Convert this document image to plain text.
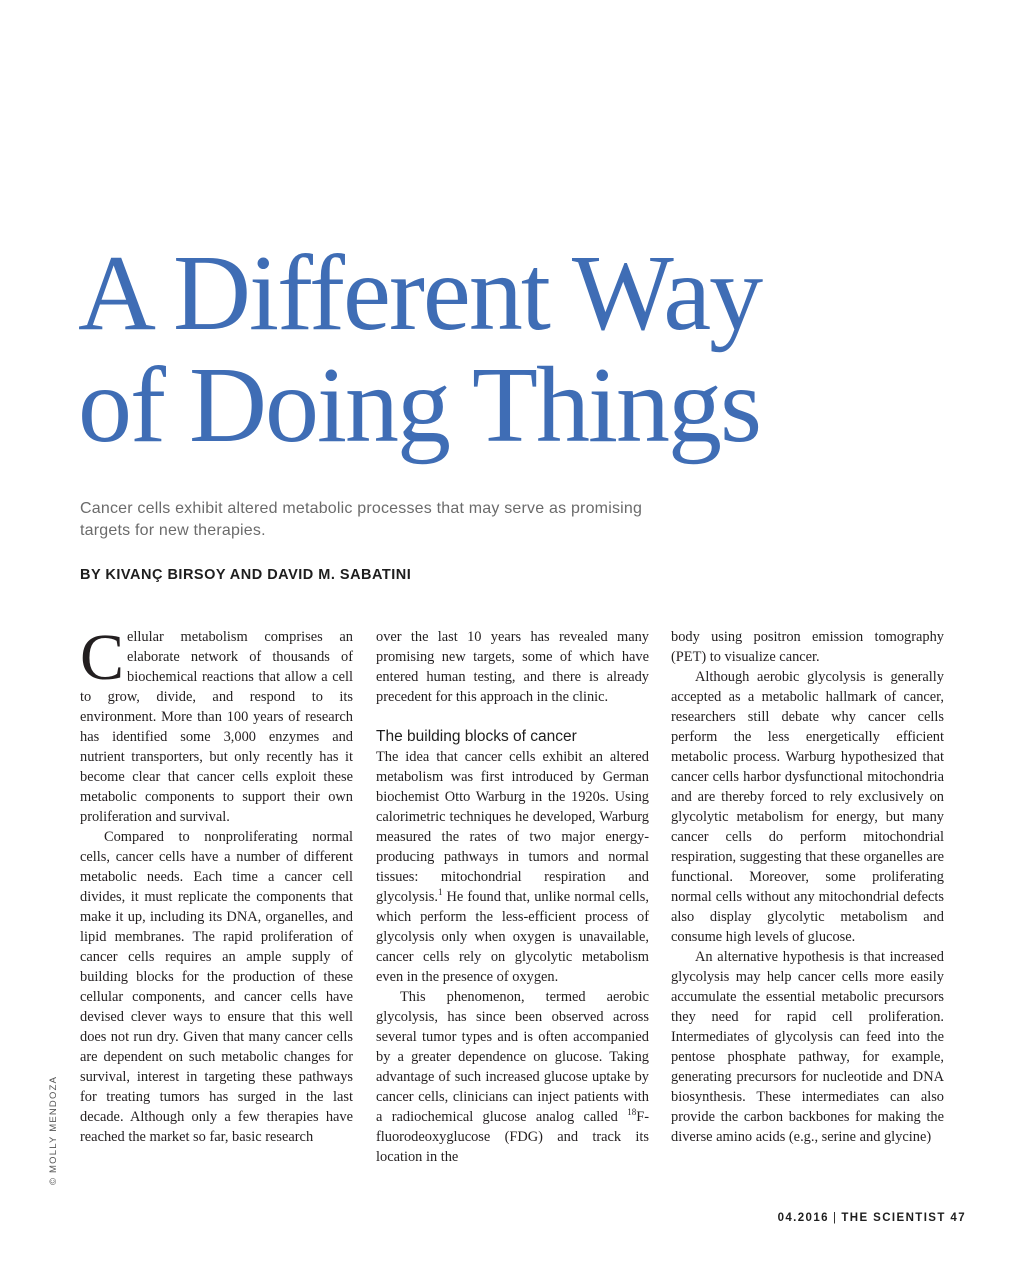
A Different Way
of Doing Things
Cancer cells exhibit altered metabolic processes that may serve as promising targets for new therapies.
BY KIVANÇ BIRSOY AND DAVID M. SABATINI

Cellular metabolism comprises an elaborate network of thousands of biochemical reactions that allow a cell to grow, divide, and respond to its environment. More than 100 years of research has identified some 3,000 enzymes and nutrient transporters, but only recently has it become clear that cancer cells exploit these metabolic components to support their own proliferation and survival.

Compared to nonproliferating normal cells, cancer cells have a number of different metabolic needs. Each time a cancer cell divides, it must replicate the components that make it up, including its DNA, organelles, and lipid membranes. The rapid proliferation of cancer cells requires an ample supply of building blocks for the production of these cellular components, and cancer cells have devised clever ways to ensure that this well does not run dry. Given that many cancer cells are dependent on such metabolic changes for survival, interest in targeting these pathways for treating tumors has surged in the last decade. Although only a few therapies have reached the market so far, basic research

over the last 10 years has revealed many promising new targets, some of which have entered human testing, and there is already precedent for this approach in the clinic.

The building blocks of cancer

The idea that cancer cells exhibit an altered metabolism was first introduced by German biochemist Otto Warburg in the 1920s. Using calorimetric techniques he developed, Warburg measured the rates of two major energy-producing pathways in tumors and normal tissues: mitochondrial respiration and glycolysis.$^1$ He found that, unlike normal cells, which perform the less-efficient process of glycolysis only when oxygen is unavailable, cancer cells rely on glycolytic metabolism even in the presence of oxygen.

This phenomenon, termed aerobic glycolysis, has since been observed across several tumor types and is often accompanied by a greater dependence on glucose. Taking advantage of such increased glucose uptake by cancer cells, clinicians can inject patients with a radiochemical glucose analog called $^{18}$F-fluorodeoxyglucose (FDG) and track its location in the

body using positron emission tomography (PET) to visualize cancer.

Although aerobic glycolysis is generally accepted as a metabolic hallmark of cancer, researchers still debate why cancer cells perform the less energetically efficient metabolic process. Warburg hypothesized that cancer cells harbor dysfunctional mitochondria and are thereby forced to rely exclusively on glycolytic metabolism for energy, but many cancer cells do perform mitochondrial respiration, suggesting that these organelles are functional. Moreover, some proliferating normal cells without any mitochondrial defects also display glycolytic metabolism and consume high levels of glucose.

An alternative hypothesis is that increased glycolysis may help cancer cells more easily accumulate the essential metabolic precursors they need for rapid cell proliferation. Intermediates of glycolysis can feed into the pentose phosphate pathway, for example, generating precursors for nucleotide and DNA biosynthesis. These intermediates can also provide the carbon backbones for making the diverse amino acids (e.g., serine and glycine)

© MOLLY MENDOZA
04.2016 | THE SCIENTIST 47
